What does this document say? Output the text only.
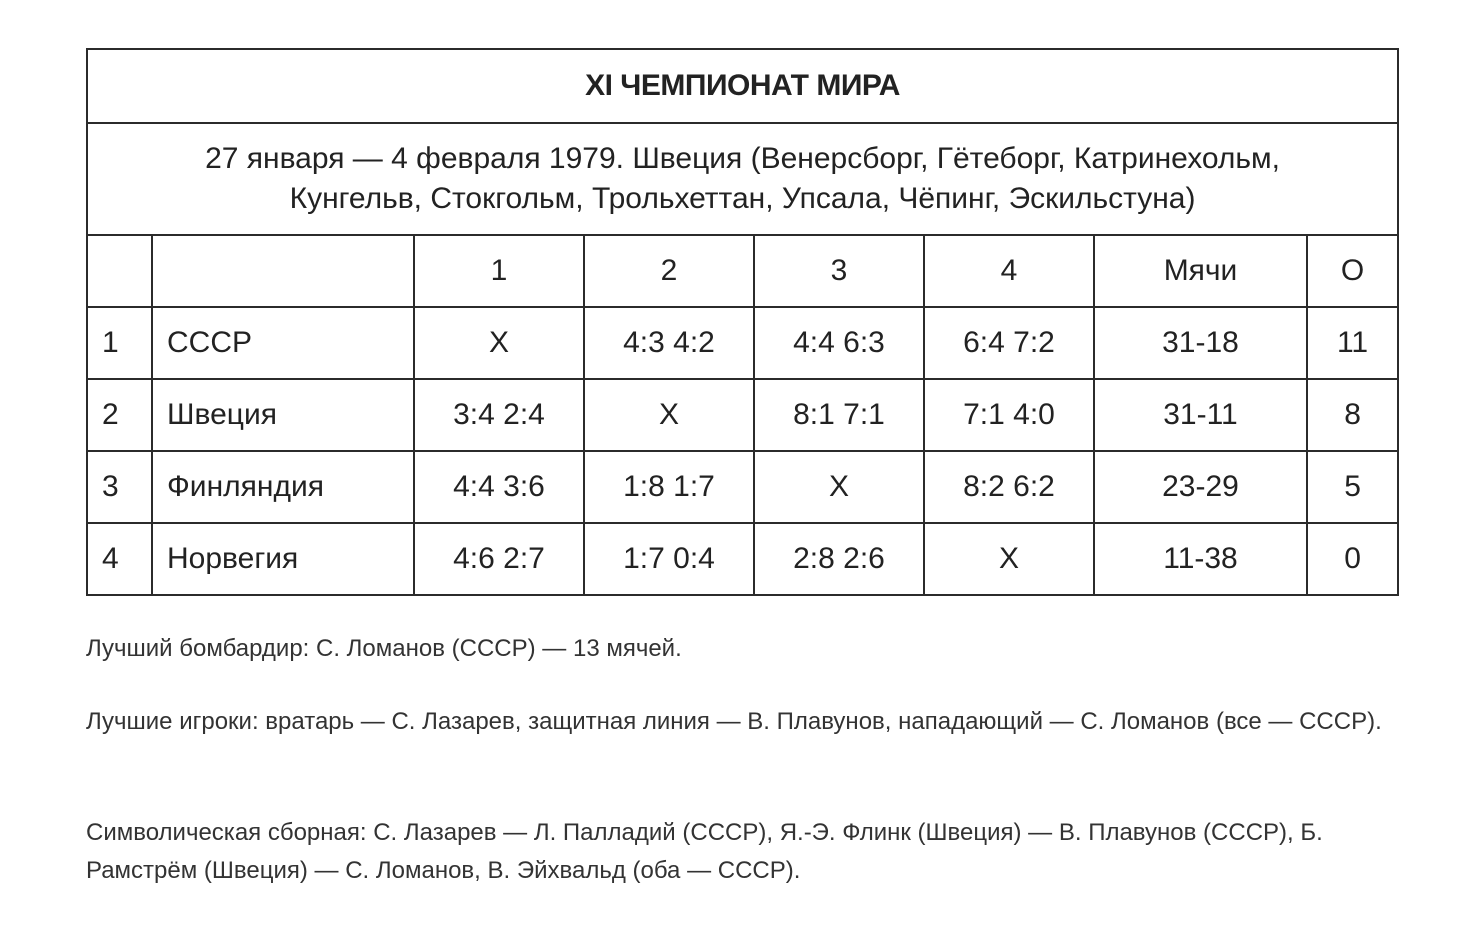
XI ЧЕМПИОНАТ МИРА							
27 января — 4 февраля 1979. Швеция (Венерсборг, Гётеборг, Катринехольм,
Кунгельв, Стокгольм, Трольхеттан, Упсала, Чёпинг, Эскильстуна)							
		1	2	3	4	Мячи	О
1	СССР	X	4:3 4:2	4:4 6:3	6:4 7:2	31-18	11
2	Швеция	3:4 2:4	X	8:1 7:1	7:1 4:0	31-11	8
3	Финляндия	4:4 3:6	1:8 1:7	X	8:2 6:2	23-29	5
4	Норвегия	4:6 2:7	1:7 0:4	2:8 2:6	X	11-38	0

Лучший бомбардир: С. Ломанов (СССР) — 13 мячей.

Лучшие игроки: вратарь — С. Лазарев, защитная линия — В. Плавунов, нападающий — С. Ломанов (все — СССР).

Символическая сборная: С. Лазарев — Л. Палладий (СССР), Я.-Э. Флинк (Швеция) — В. Плавунов (СССР), Б. Рамстрём (Швеция) — С. Ломанов, В. Эйхвальд (оба — СССР).
